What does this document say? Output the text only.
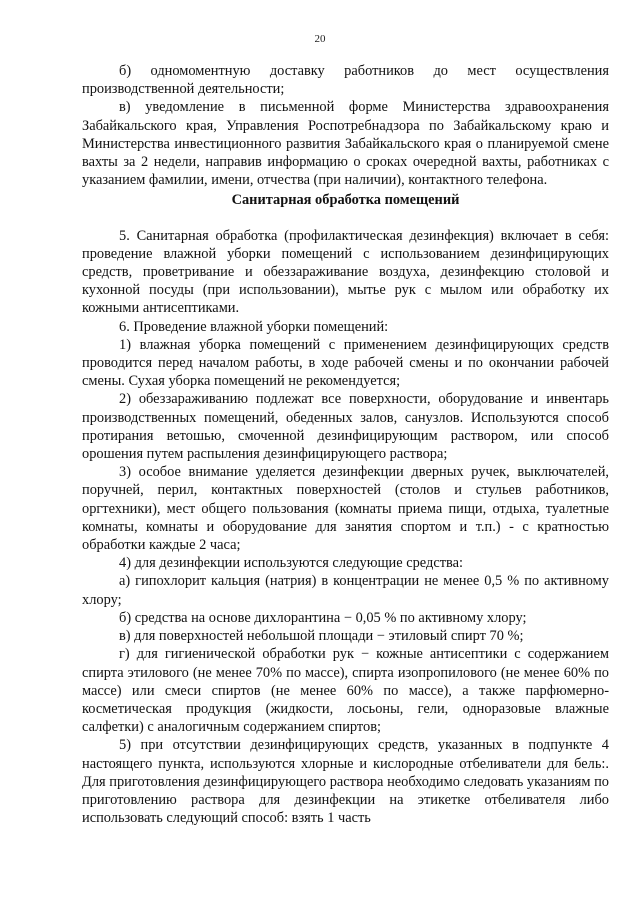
20

б) одномоментную доставку работников до мест осуществления производственной деятельности;

в) уведомление в письменной форме Министерства здравоохранения Забайкальского края, Управления Роспотребнадзора по Забайкальскому краю и Министерства инвестиционного развития Забайкальского края о планируемой смене вахты за 2 недели, направив информацию о сроках очередной вахты, работниках с указанием фамилии, имени, отчества (при наличии), контактного телефона.

Санитарная обработка помещений

5. Санитарная обработка (профилактическая дезинфекция) включает в себя: проведение влажной уборки помещений с использованием дезинфицирующих средств, проветривание и обеззараживание воздуха, дезинфекцию столовой и кухонной посуды (при использовании), мытье рук с мылом или обработку их кожными антисептиками.

6. Проведение влажной уборки помещений:

1) влажная уборка помещений с применением дезинфицирующих средств проводится перед началом работы, в ходе рабочей смены и по окончании рабочей смены. Сухая уборка помещений не рекомендуется;

2) обеззараживанию подлежат все поверхности, оборудование и инвентарь производственных помещений, обеденных залов, санузлов. Используются способ протирания ветошью, смоченной дезинфицирующим раствором, или способ орошения путем распыления дезинфицирующего раствора;

3) особое внимание уделяется дезинфекции дверных ручек, выключателей, поручней, перил, контактных поверхностей (столов и стульев работников, оргтехники), мест общего пользования (комнаты приема пищи, отдыха, туалетные комнаты, комнаты и оборудование для занятия спортом и т.п.) - с кратностью обработки каждые 2 часа;

4) для дезинфекции используются следующие средства:

а) гипохлорит кальция (натрия) в концентрации не менее 0,5 % по активному хлору;

б) средства на основе дихлорантина − 0,05 % по активному хлору;

в) для поверхностей небольшой площади − этиловый спирт 70 %;

г) для гигиенической обработки рук − кожные антисептики с содержанием спирта этилового (не менее 70% по массе), спирта изопропилового (не менее 60% по массе) или смеси спиртов (не менее 60% по массе), а также парфюмерно-косметическая продукция (жидкости, лосьоны, гели, одноразовые влажные салфетки) с аналогичным содержанием спиртов;

5) при отсутствии дезинфицирующих средств, указанных в подпункте 4 настоящего пункта, используются хлорные и кислородные отбеливатели для бель:. Для приготовления дезинфицирующего раствора необходимо следовать указаниям по приготовлению раствора для дезинфекции на этикетке отбеливателя либо использовать следующий способ: взять 1 часть
